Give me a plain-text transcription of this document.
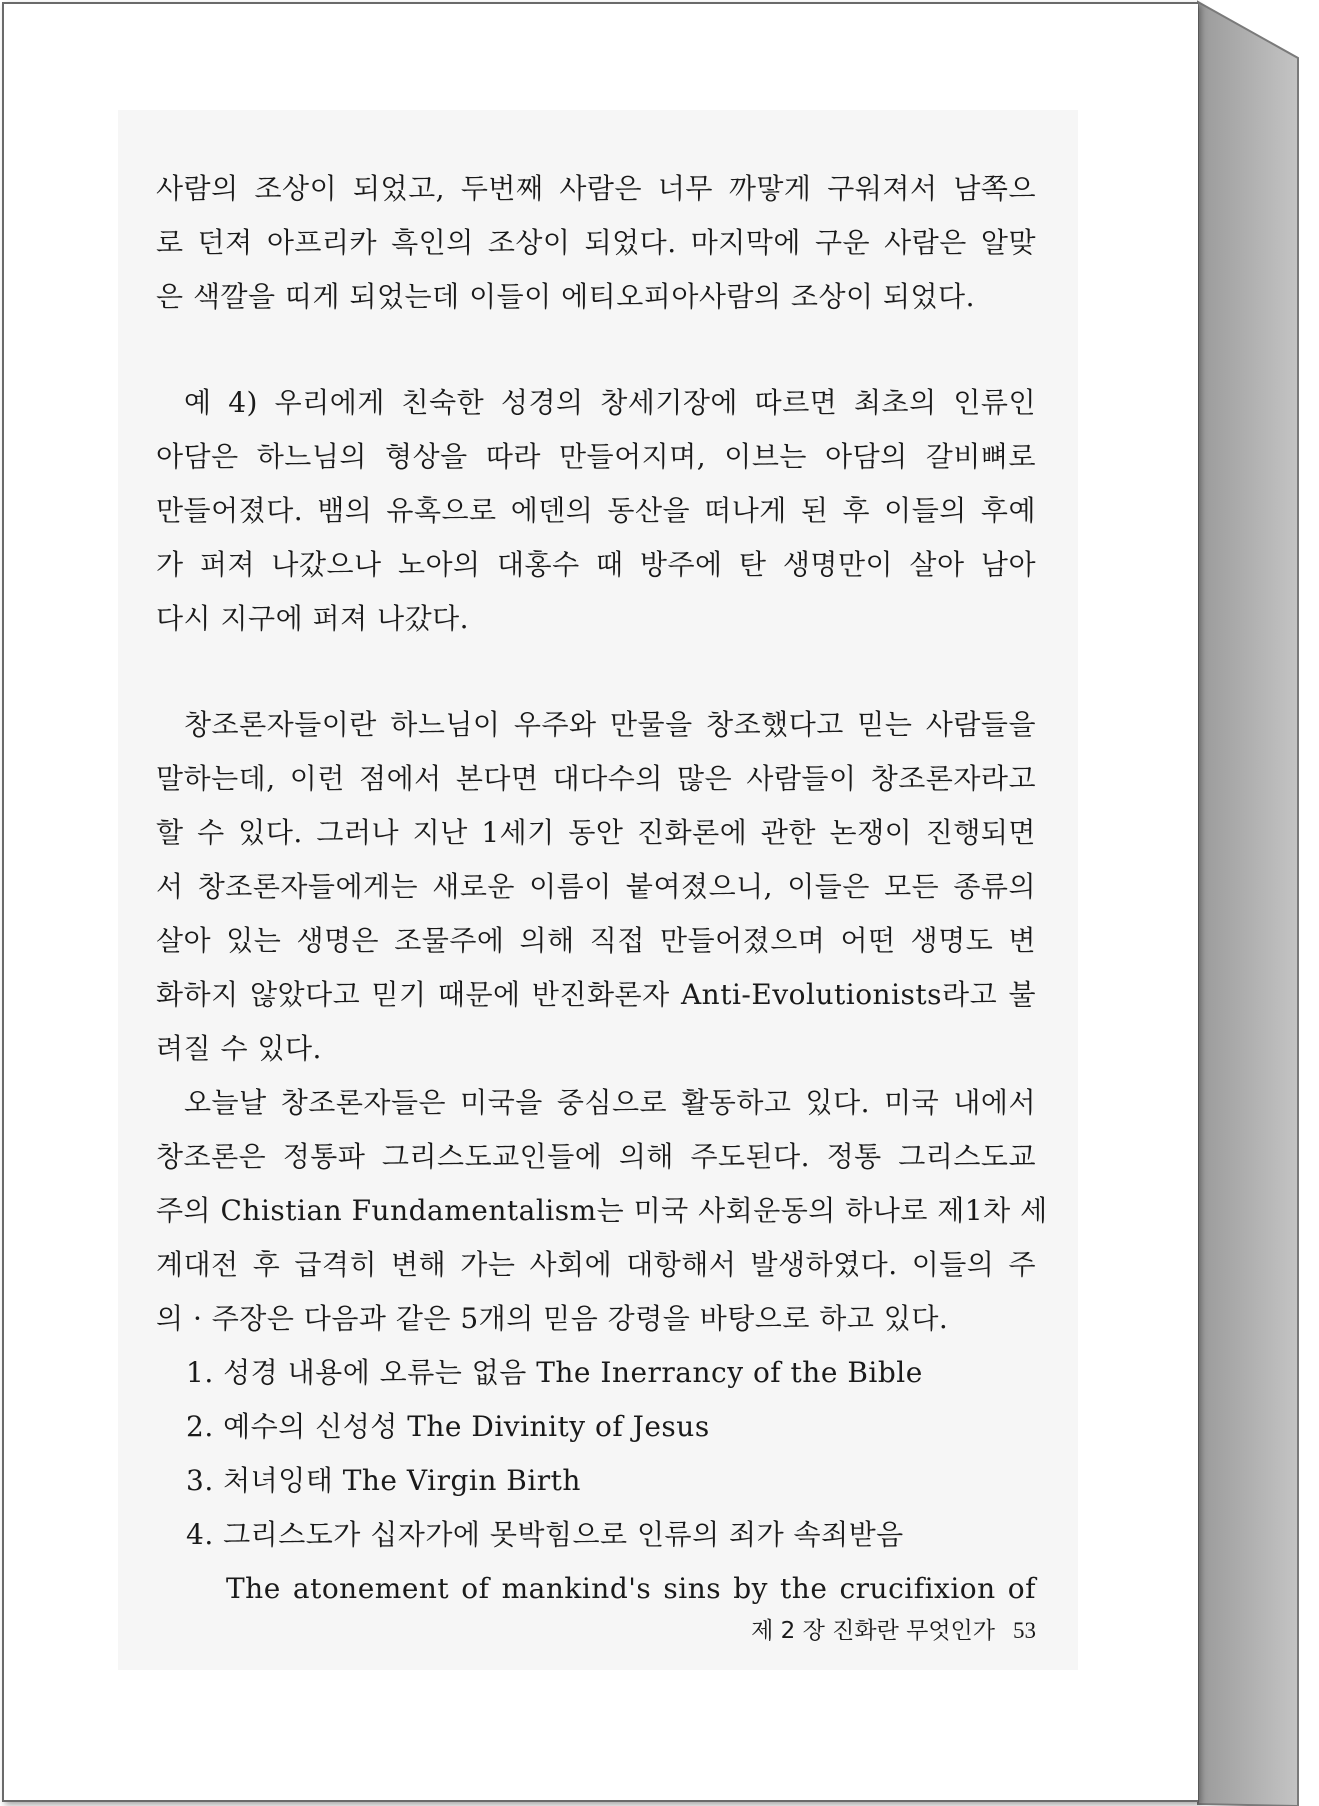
사람의 조상이 되었고, 두번째 사람은 너무 까맣게 구워져서 남쪽으
로 던져 아프리카 흑인의 조상이 되었다. 마지막에 구운 사람은 알맞
은 색깔을 띠게 되었는데 이들이 에티오피아사람의 조상이 되었다.
예 4) 우리에게 친숙한 성경의 창세기장에 따르면 최초의 인류인
아담은 하느님의 형상을 따라 만들어지며, 이브는 아담의 갈비뼈로
만들어졌다. 뱀의 유혹으로 에덴의 동산을 떠나게 된 후 이들의 후예
가 퍼져 나갔으나 노아의 대홍수 때 방주에 탄 생명만이 살아 남아
다시 지구에 퍼져 나갔다.
창조론자들이란 하느님이 우주와 만물을 창조했다고 믿는 사람들을
말하는데, 이런 점에서 본다면 대다수의 많은 사람들이 창조론자라고
할 수 있다. 그러나 지난 1세기 동안 진화론에 관한 논쟁이 진행되면
서 창조론자들에게는 새로운 이름이 붙여졌으니, 이들은 모든 종류의
살아 있는 생명은 조물주에 의해 직접 만들어졌으며 어떤 생명도 변
화하지 않았다고 믿기 때문에 반진화론자 Anti-Evolutionists라고 불
려질 수 있다.
오늘날 창조론자들은 미국을 중심으로 활동하고 있다. 미국 내에서
창조론은 정통파 그리스도교인들에 의해 주도된다. 정통 그리스도교
주의 Chistian Fundamentalism는 미국 사회운동의 하나로 제1차 세
계대전 후 급격히 변해 가는 사회에 대항해서 발생하였다. 이들의 주
의 · 주장은 다음과 같은 5개의 믿음 강령을 바탕으로 하고 있다.
1. 성경 내용에 오류는 없음 The Inerrancy of the Bible
2. 예수의 신성성 The Divinity of Jesus
3. 처녀잉태 The Virgin Birth
4. 그리스도가 십자가에 못박힘으로 인류의 죄가 속죄받음
The atonement of mankind's sins by the crucifixion of
제 2 장 진화란 무엇인가 53
